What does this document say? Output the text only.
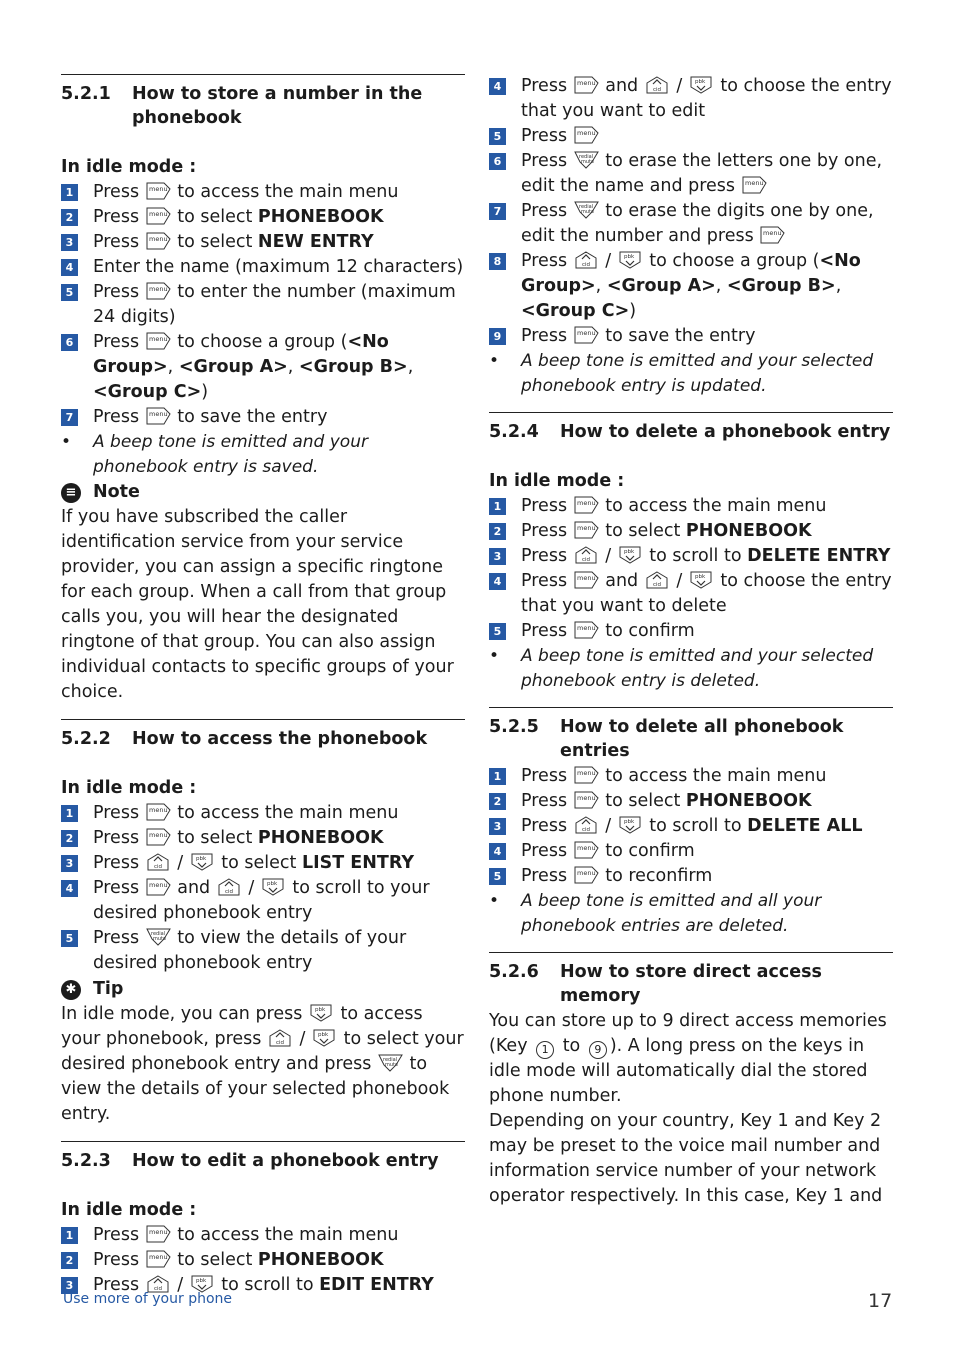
5.2.1	How to store a number in the phonebook
In idle mode :
1 Press menu to access the main menu
2 Press menu to select PHONEBOOK
3 Press menu to select NEW ENTRY
4 Enter the name (maximum 12 characters)
5 Press menu to enter the number (maximum 24 digits)
6 Press menu to choose a group (<No Group>, <Group A>, <Group B>, <Group C>)
7 Press menu to save the entry
•	A beep tone is emitted and your phonebook entry is saved.
≡ Note
If you have subscribed the caller identification service from your service provider, you can assign a specific ringtone for each group. When a call from that group calls you, you will hear the designated ringtone of that group. You can also assign individual contacts to specific groups of your choice.
5.2.2	How to access the phonebook
In idle mode :
1 Press menu to access the main menu
2 Press menu to select PHONEBOOK
3 Press	cid / pbk to select LIST ENTRY
4 Press menu and	cid / pbk to scroll to your desired phonebook entry
5 Press redial
mute to view the details of your desired phonebook entry
✱ Tip
In idle mode, you can press pbk to access your phonebook, press cid / pbk to select your desired phonebook entry and press redial
mute to view the details of your selected phonebook entry.
5.2.3	How to edit a phonebook entry
In idle mode :
1 Press menu to access the main menu
2 Press menu to select PHONEBOOK
3 Press	cid / pbk to scroll to EDIT ENTRY
4 Press menu and	cid / pbk to choose the entry that you want to edit
5 Press menu
6 Press redial
mute to erase the letters one by one, edit the name and press menu
7 Press redial
mute to erase the digits one by one, edit the number and press menu
8 Press	cid / pbk to choose a group (<No Group>, <Group A>, <Group B>, <Group C>)
9 Press menu to save the entry
•	A beep tone is emitted and your selected phonebook entry is updated.
5.2.4	How to delete a phonebook entry
In idle mode :
1 Press menu to access the main menu
2 Press menu to select PHONEBOOK
3 Press	cid / pbk to scroll to DELETE ENTRY
4 Press menu and	cid / pbk to choose the entry that you want to delete
5 Press menu to confirm
•	A beep tone is emitted and your selected phonebook entry is deleted.
5.2.5	How to delete all phonebook entries
1 Press menu to access the main menu
2 Press menu to select PHONEBOOK
3 Press	cid / pbk to scroll to DELETE ALL
4 Press menu to confirm
5 Press menu to reconfirm
•	A beep tone is emitted and all your phonebook entries are deleted.
5.2.6	How to store direct access memory
You can store up to 9 direct access memories (Key 1 to 9 ). A long press on the keys in idle mode will automatically dial the stored phone number.
Depending on your country, Key 1 and Key 2 may be preset to the voice mail number and information service number of your network operator respectively. In this case, Key 1 and
Use more of your phone	17
